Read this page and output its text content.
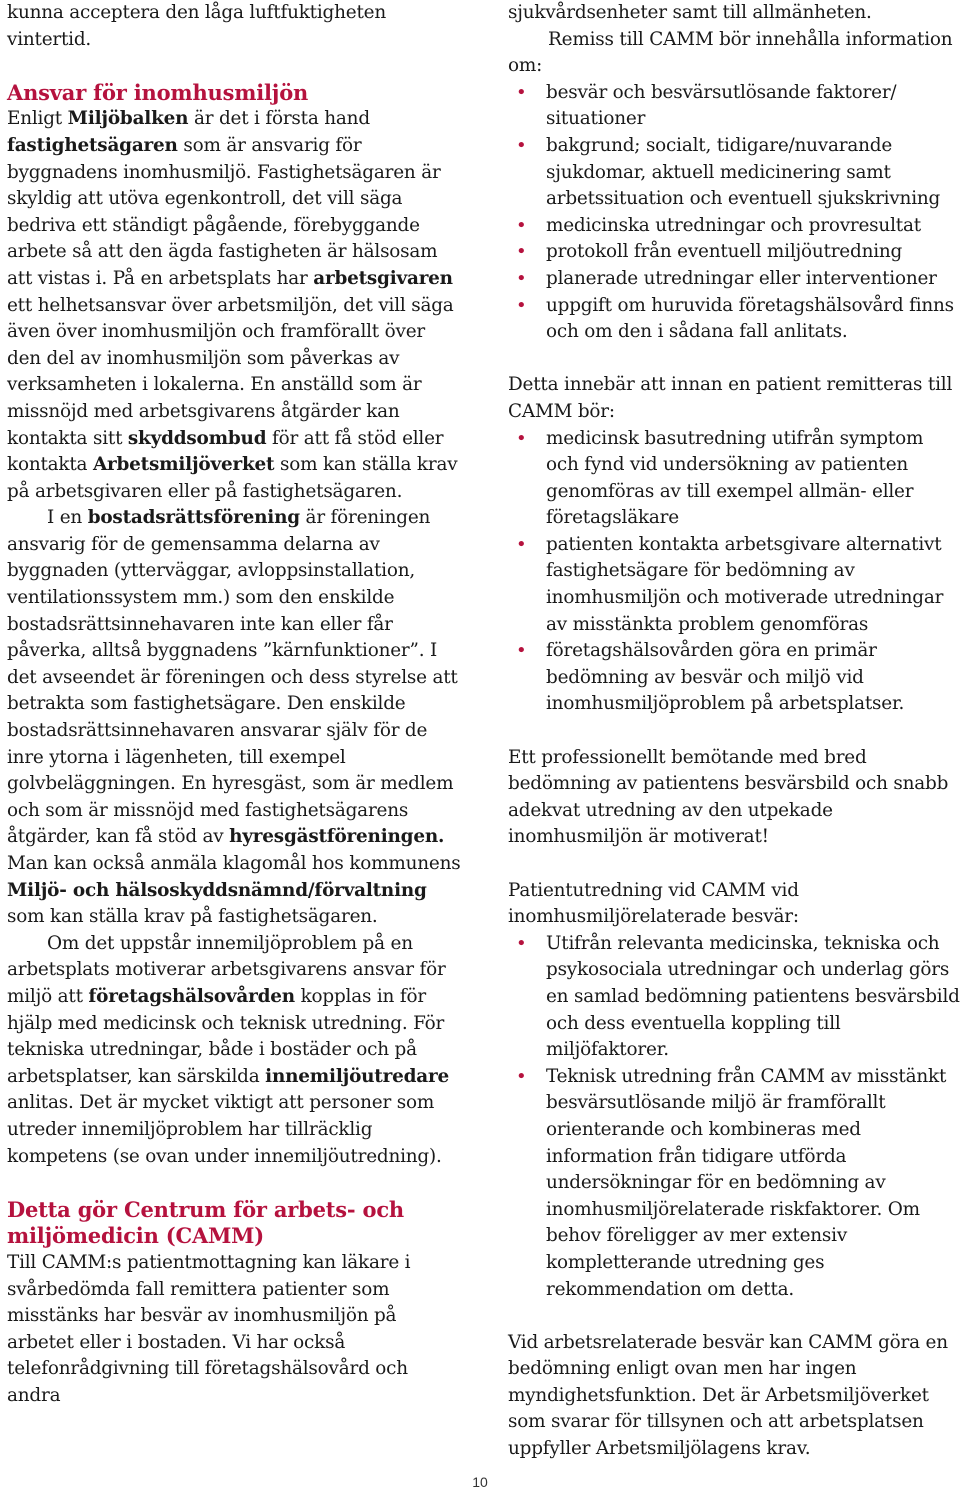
kunna acceptera den låga luftfuktigheten vintertid.

Ansvar för inomhusmiljön

Enligt Miljöbalken är det i första hand fastighetsägaren som är ansvarig för byggnadens inomhusmiljö. Fastighetsägaren är skyldig att utöva egenkontroll, det vill säga bedriva ett ständigt pågående, förebyggande arbete så att den ägda fastigheten är hälsosam att vistas i. På en arbetsplats har arbetsgivaren ett helhetsansvar över arbetsmiljön, det vill säga även över inomhusmiljön och framförallt över den del av inomhusmiljön som påverkas av verksamheten i lokalerna. En anställd som är missnöjd med arbetsgivarens åtgärder kan kontakta sitt skyddsombud för att få stöd eller kontakta Arbetsmiljöverket som kan ställa krav på arbetsgivaren eller på fastighetsägaren.

I en bostadsrättsförening är föreningen ansvarig för de gemensamma delarna av byggnaden (ytterväggar, avloppsinstallation, ventilationssystem mm.) som den enskilde bostadsrättsinnehavaren inte kan eller får påverka, alltså byggnadens ”kärnfunktioner”. I det avseendet är föreningen och dess styrelse att betrakta som fastighetsägare. Den enskilde bostadsrättsinnehavaren ansvarar själv för de inre ytorna i lägenheten, till exempel golvbeläggningen. En hyresgäst, som är medlem och som är missnöjd med fastighetsägarens åtgärder, kan få stöd av hyresgästföreningen. Man kan också anmäla klagomål hos kommunens Miljö- och hälsoskyddsnämnd/förvaltning som kan ställa krav på fastighetsägaren.

Om det uppstår innemiljöproblem på en arbetsplats motiverar arbetsgivarens ansvar för miljö att företagshälsovården kopplas in för hjälp med medicinsk och teknisk utredning. För tekniska utredningar, både i bostäder och på arbetsplatser, kan särskilda innemiljöutredare anlitas. Det är mycket viktigt att personer som utreder innemiljöproblem har tillräcklig kompetens (se ovan under innemiljöutredning).

Detta gör Centrum för arbets- och miljömedicin (CAMM)

Till CAMM:s patientmottagning kan läkare i svårbedömda fall remittera patienter som misstänks har besvär av inomhusmiljön på arbetet eller i bostaden. Vi har också telefonrådgivning till företagshälsovård och andra

sjukvårdsenheter samt till allmänheten.

Remiss till CAMM bör innehålla information om:

• besvär och besvärsutlösande faktorer/ situationer
• bakgrund; socialt, tidigare/nuvarande sjukdomar, aktuell medicinering samt arbetssituation och eventuell sjukskrivning
• medicinska utredningar och provresultat
• protokoll från eventuell miljöutredning
• planerade utredningar eller interventioner
• uppgift om huruvida företagshälsovård finns och om den i sådana fall anlitats.

Detta innebär att innan en patient remitteras till CAMM bör:

• medicinsk basutredning utifrån symptom och fynd vid undersökning av patienten genomföras av till exempel allmän- eller företagsläkare
• patienten kontakta arbetsgivare alternativt fastighetsägare för bedömning av inomhusmiljön och motiverade utredningar av misstänkta problem genomföras
• företagshälsovården göra en primär bedömning av besvär och miljö vid inomhusmiljöproblem på arbetsplatser.

Ett professionellt bemötande med bred bedömning av patientens besvärsbild och snabb adekvat utredning av den utpekade inomhusmiljön är motiverat!

Patientutredning vid CAMM vid inomhusmiljörelaterade besvär:

• Utifrån relevanta medicinska, tekniska och psykosociala utredningar och underlag görs en samlad bedömning patientens besvärsbild och dess eventuella koppling till miljöfaktorer.
• Teknisk utredning från CAMM av misstänkt besvärsutlösande miljö är framförallt orienterande och kombineras med information från tidigare utförda undersökningar för en bedömning av inomhusmiljörelaterade riskfaktorer. Om behov föreligger av mer extensiv kompletterande utredning ges rekommendation om detta.

Vid arbetsrelaterade besvär kan CAMM göra en bedömning enligt ovan men har ingen myndighetsfunktion. Det är Arbetsmiljöverket som svarar för tillsynen och att arbetsplatsen uppfyller Arbetsmiljölagens krav.

10
